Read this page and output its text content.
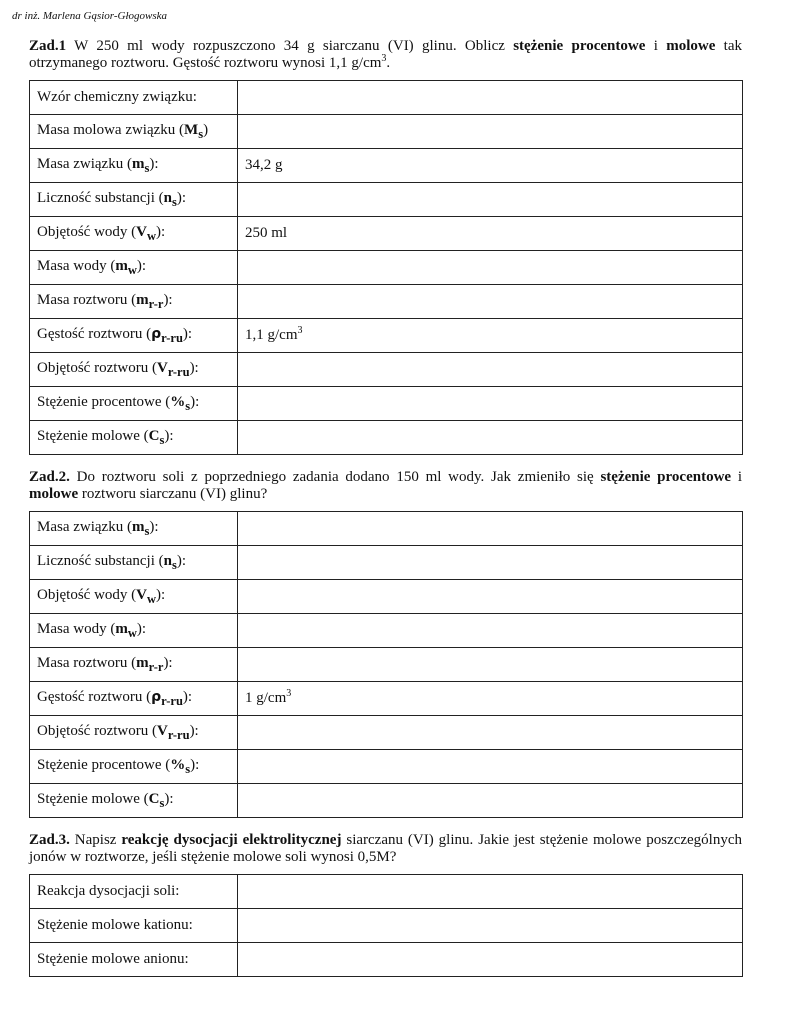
dr inż. Marlena Gąsior-Głogowska
Zad.1 W 250 ml wody rozpuszczono 34 g siarczanu (VI) glinu. Oblicz stężenie procentowe i molowe tak otrzymanego roztworu. Gęstość roztworu wynosi 1,1 $g/cm^3$.
Wzór chemiczny związku:	
Masa molowa związku $(M_s)$	
Masa związku $(m_s)$:	34,2 g
Liczność substancji $(n_s)$:	
Objętość wody $(V_w)$:	250 ml
Masa wody $(m_w)$:	
Masa roztworu $(m_{r-r})$:	
Gęstość roztworu $(\rho_{r-ru})$:	1,1 $g/cm^3$
Objętość roztworu $(V_{r-ru})$:	
Stężenie procentowe $(\%_s)$:	
Stężenie molowe $(C_s)$:	
Zad.2. Do roztworu soli z poprzedniego zadania dodano 150 ml wody. Jak zmieniło się stężenie procentowe i molowe roztworu siarczanu (VI) glinu?
Masa związku $(m_s)$:	
Liczność substancji $(n_s)$:	
Objętość wody $(V_w)$:	
Masa wody $(m_w)$:	
Masa roztworu $(m_{r-r})$:	
Gęstość roztworu $(\rho_{r-ru})$:	1 $g/cm^3$
Objętość roztworu $(V_{r-ru})$:	
Stężenie procentowe $(\%_s)$:	
Stężenie molowe $(C_s)$:	
Zad.3. Napisz reakcję dysocjacji elektrolitycznej siarczanu (VI) glinu. Jakie jest stężenie molowe poszczególnych jonów w roztworze, jeśli stężenie molowe soli wynosi 0,5M?
Reakcja dysocjacji soli:	
Stężenie molowe kationu:	
Stężenie molowe anionu:	
